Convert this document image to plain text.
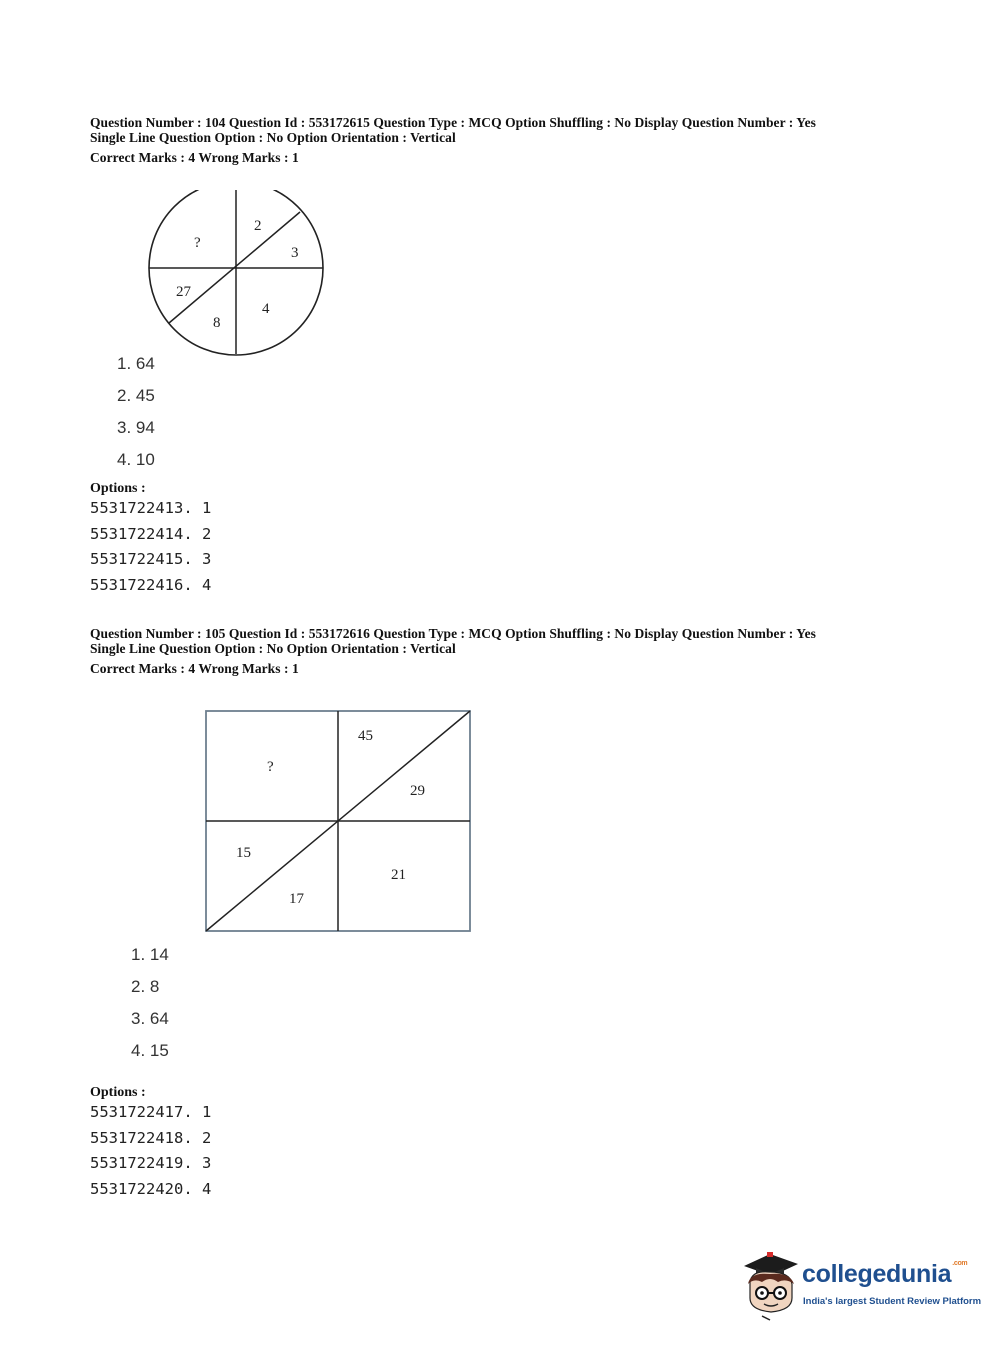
Question Number : 104 Question Id : 553172615 Question Type : MCQ Option Shuffling : No Display Question Number : Yes
Single Line Question Option : No Option Orientation : Vertical
Correct Marks : 4 Wrong Marks : 1
2
3
4
8
27
?
1. 64
2. 45
3. 94
4. 10
Options :
5531722413. 1
5531722414. 2
5531722415. 3
5531722416. 4
Question Number : 105 Question Id : 553172616 Question Type : MCQ Option Shuffling : No Display Question Number : Yes
Single Line Question Option : No Option Orientation : Vertical
Correct Marks : 4 Wrong Marks : 1
45
29
21
17
15
?
1. 14
2. 8
3. 64
4. 15
Options :
5531722417. 1
5531722418. 2
5531722419. 3
5531722420. 4
collegedunia$^{.com}$
India's largest Student Review Platform
